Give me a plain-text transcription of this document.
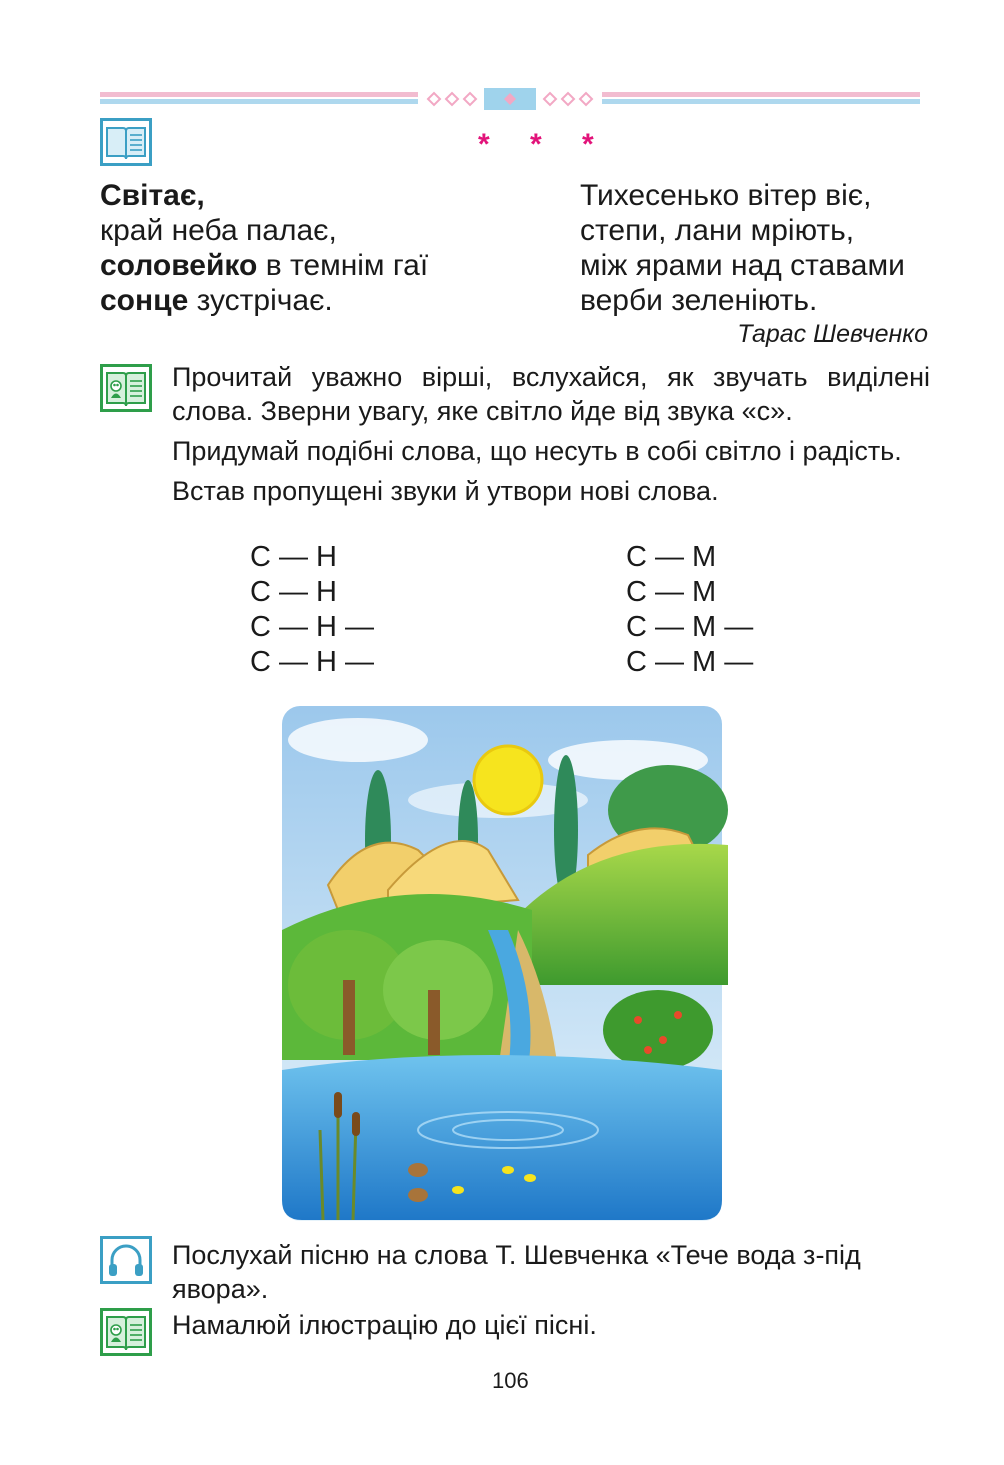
* * *
Світає,
край неба палає,
соловейко в темнім гаї
сонце зустрічає.
Тихесенько вітер віє,
степи, лани мріють,
між ярами над ставами
верби зеленіють.
Тарас Шевченко
Прочитай уважно вірші, вслухайся, як звучать виділені слова. Зверни увагу, яке світло йде від звука «с».
Придумай подібні слова, що несуть в собі світло і радість.
Встав пропущені звуки й утвори нові слова.
С — Н
С — Н
С — Н —
С — Н —
С — М
С — М
С — М —
С — М —
Послухай пісню на слова Т. Шевченка «Тече вода з-під явора».
Намалюй ілюстрацію до цієї пісні.
106
